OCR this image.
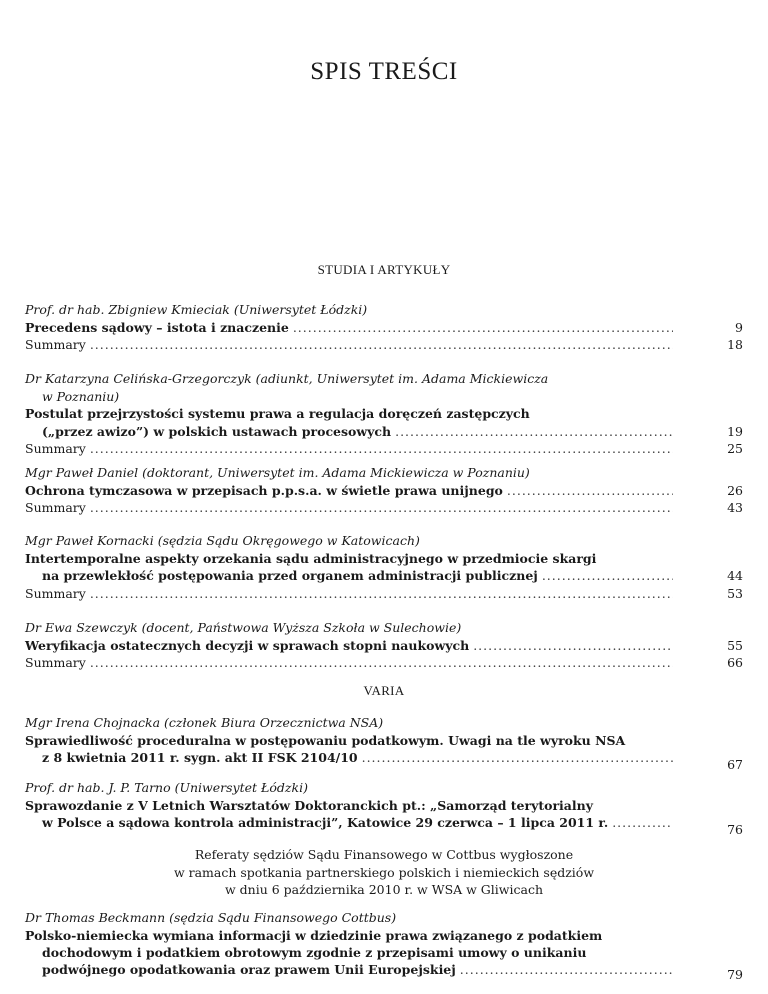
SPIS TREŚCI
STUDIA I ARTYKUŁY
Prof. dr hab. Zbigniew Kmieciak (Uniwersytet Łódzki)
Precedens sądowy – istota i znaczenie .....	9
Summary .....	18
Dr Katarzyna Celińska-Grzegorczyk (adiunkt, Uniwersytet im. Adama Mickiewicza
w Poznaniu)
Postulat przejrzystości systemu prawa a regulacja doręczeń zastępczych
(„przez awizo”) w polskich ustawach procesowych .....	19
Summary .....	25
Mgr Paweł Daniel (doktorant, Uniwersytet im. Adama Mickiewicza w Poznaniu)
Ochrona tymczasowa w przepisach p.p.s.a. w świetle prawa unijnego .....	26
Summary .....	43
Mgr Paweł Kornacki (sędzia Sądu Okręgowego w Katowicach)
Intertemporalne aspekty orzekania sądu administracyjnego w przedmiocie skargi
na przewlekłość postępowania przed organem administracji publicznej .....	44
Summary .....	53
Dr Ewa Szewczyk (docent, Państwowa Wyższa Szkoła w Sulechowie)
Weryfikacja ostatecznych decyzji w sprawach stopni naukowych .....	55
Summary .....	66
VARIA
Mgr Irena Chojnacka (członek Biura Orzecznictwa NSA)
Sprawiedliwość proceduralna w postępowaniu podatkowym. Uwagi na tle wyroku NSA
z 8 kwietnia 2011 r. sygn. akt II FSK 2104/10 .....	67
Prof. dr hab. J. P. Tarno (Uniwersytet Łódzki)
Sprawozdanie z V Letnich Warsztatów Doktoranckich pt.: „Samorząd terytorialny
w Polsce a sądowa kontrola administracji”, Katowice 29 czerwca – 1 lipca 2011 r. .....	76
Referaty sędziów Sądu Finansowego w Cottbus wygłoszone
w ramach spotkania partnerskiego polskich i niemieckich sędziów
w dniu 6 października 2010 r. w WSA w Gliwicach
Dr Thomas Beckmann (sędzia Sądu Finansowego Cottbus)
Polsko-niemiecka wymiana informacji w dziedzinie prawa związanego z podatkiem
dochodowym i podatkiem obrotowym zgodnie z przepisami umowy o unikaniu
podwójnego opodatkowania oraz prawem Unii Europejskiej .....	79
